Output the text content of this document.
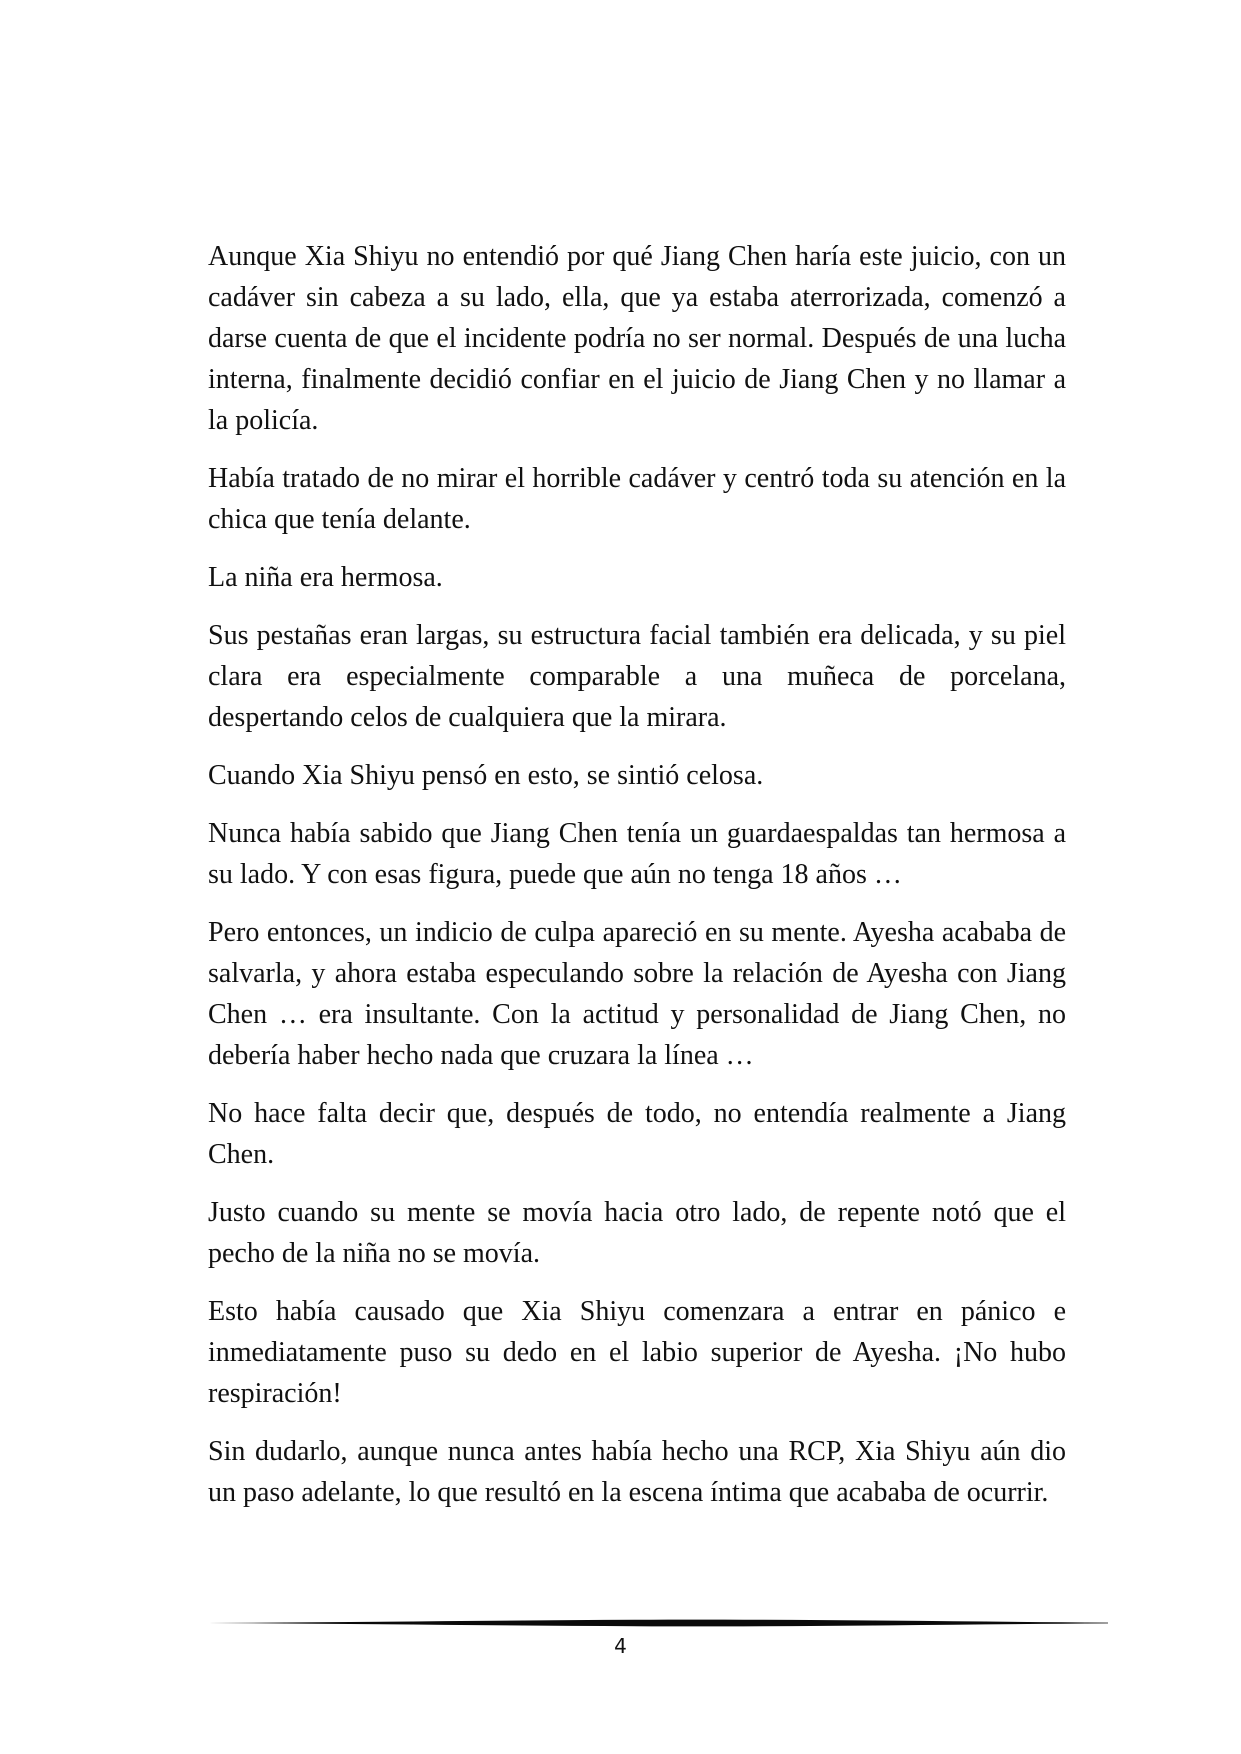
Aunque Xia Shiyu no entendió por qué Jiang Chen haría este juicio, con un cadáver sin cabeza a su lado, ella, que ya estaba aterrorizada, comenzó a darse cuenta de que el incidente podría no ser normal. Después de una lucha interna, finalmente decidió confiar en el juicio de Jiang Chen y no llamar a la policía.

Había tratado de no mirar el horrible cadáver y centró toda su atención en la chica que tenía delante.

La niña era hermosa.

Sus pestañas eran largas, su estructura facial también era delicada, y su piel clara era especialmente comparable a una muñeca de porcelana, despertando celos de cualquiera que la mirara.

Cuando Xia Shiyu pensó en esto, se sintió celosa.

Nunca había sabido que Jiang Chen tenía un guardaespaldas tan hermosa a su lado. Y con esas figura, puede que aún no tenga 18 años …

Pero entonces, un indicio de culpa apareció en su mente. Ayesha acababa de salvarla, y ahora estaba especulando sobre la relación de Ayesha con Jiang Chen … era insultante. Con la actitud y personalidad de Jiang Chen, no debería haber hecho nada que cruzara la línea …

No hace falta decir que, después de todo, no entendía realmente a Jiang Chen.

Justo cuando su mente se movía hacia otro lado, de repente notó que el pecho de la niña no se movía.

Esto había causado que Xia Shiyu comenzara a entrar en pánico e inmediatamente puso su dedo en el labio superior de Ayesha. ¡No hubo respiración!

Sin dudarlo, aunque nunca antes había hecho una RCP, Xia Shiyu aún dio un paso adelante, lo que resultó en la escena íntima que acababa de ocurrir.

4
